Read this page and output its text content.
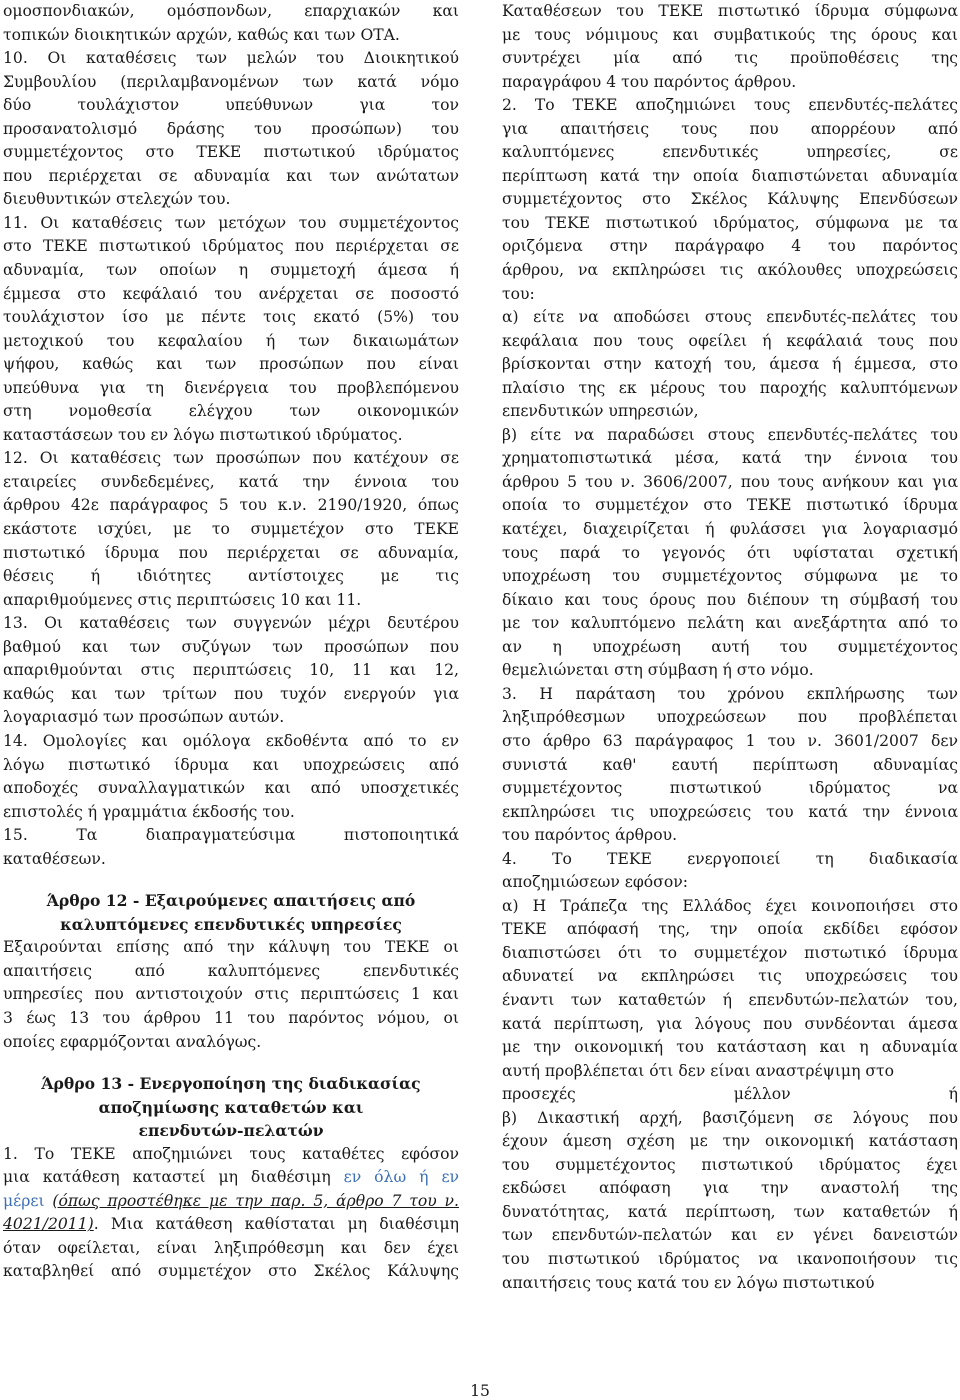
ομοσπονδιακών, ομόσπονδων, επαρχιακών και
τοπικών διοικητικών αρχών, καθώς και των ΟΤΑ.
10. Οι καταθέσεις των μελών του Διοικητικού
Συμβουλίου (περιλαμβανομένων των κατά νόμο
δύο τουλάχιστον υπεύθυνων για τον
προσανατολισμό δράσης του προσώπων) του
συμμετέχοντος στο ΤΕΚΕ πιστωτικού ιδρύματος
που περιέρχεται σε αδυναμία και των ανώτατων
διευθυντικών στελεχών του.
11. Οι καταθέσεις των μετόχων του συμμετέχοντος
στο ΤΕΚΕ πιστωτικού ιδρύματος που περιέρχεται σε
αδυναμία, των οποίων η συμμετοχή άμεσα ή
έμμεσα στο κεφάλαιό του ανέρχεται σε ποσοστό
τουλάχιστον ίσο με πέντε τοις εκατό (5%) του
μετοχικού του κεφαλαίου ή των δικαιωμάτων
ψήφου, καθώς και των προσώπων που είναι
υπεύθυνα για τη διενέργεια του προβλεπόμενου
στη νομοθεσία ελέγχου των οικονομικών
καταστάσεων του εν λόγω πιστωτικού ιδρύματος.
12. Οι καταθέσεις των προσώπων που κατέχουν σε
εταιρείες συνδεδεμένες, κατά την έννοια του
άρθρου 42ε παράγραφος 5 του κ.ν. 2190/1920, όπως
εκάστοτε ισχύει, με το συμμετέχον στο ΤΕΚΕ
πιστωτικό ίδρυμα που περιέρχεται σε αδυναμία,
θέσεις ή ιδιότητες αντίστοιχες με τις
απαριθμούμενες στις περιπτώσεις 10 και 11.
13. Οι καταθέσεις των συγγενών μέχρι δευτέρου
βαθμού και των συζύγων των προσώπων που
απαριθμούνται στις περιπτώσεις 10, 11 και 12,
καθώς και των τρίτων που τυχόν ενεργούν για
λογαριασμό των προσώπων αυτών.
14. Ομολογίες και ομόλογα εκδοθέντα από το εν
λόγω πιστωτικό ίδρυμα και υποχρεώσεις από
αποδοχές συναλλαγματικών και από υποσχετικές
επιστολές ή γραμμάτια έκδοσής του.
15. Τα διαπραγματεύσιμα πιστοποιητικά
καταθέσεων.
Άρθρο 12 - Εξαιρούμενες απαιτήσεις από
καλυπτόμενες επενδυτικές υπηρεσίες
Εξαιρούνται επίσης από την κάλυψη του ΤΕΚΕ οι
απαιτήσεις από καλυπτόμενες επενδυτικές
υπηρεσίες που αντιστοιχούν στις περιπτώσεις 1 και
3 έως 13 του άρθρου 11 του παρόντος νόμου, οι
οποίες εφαρμόζονται αναλόγως.
Άρθρο 13 - Ενεργοποίηση της διαδικασίας
αποζημίωσης καταθετών και
επενδυτών-πελατών
1. Το ΤΕΚΕ αποζημιώνει τους καταθέτες εφόσον
μια κατάθεση καταστεί μη διαθέσιμη εν όλω ή εν
μέρει (όπως προστέθηκε με την παρ. 5, άρθρο 7 του ν.
4021/2011). Μια κατάθεση καθίσταται μη διαθέσιμη
όταν οφείλεται, είναι ληξιπρόθεσμη και δεν έχει
καταβληθεί από συμμετέχον στο Σκέλος Κάλυψης
Καταθέσεων του ΤΕΚΕ πιστωτικό ίδρυμα σύμφωνα
με τους νόμιμους και συμβατικούς της όρους και
συντρέχει μία από τις προϋποθέσεις της
παραγράφου 4 του παρόντος άρθρου.
2. Το ΤΕΚΕ αποζημιώνει τους επενδυτές-πελάτες
για απαιτήσεις τους που απορρέουν από
καλυπτόμενες επενδυτικές υπηρεσίες, σε
περίπτωση κατά την οποία διαπιστώνεται αδυναμία
συμμετέχοντος στο Σκέλος Κάλυψης Επενδύσεων
του ΤΕΚΕ πιστωτικού ιδρύματος, σύμφωνα με τα
οριζόμενα στην παράγραφο 4 του παρόντος
άρθρου, να εκπληρώσει τις ακόλουθες υποχρεώσεις
του:
α) είτε να αποδώσει στους επενδυτές-πελάτες του
κεφάλαια που τους οφείλει ή κεφάλαιά τους που
βρίσκονται στην κατοχή του, άμεσα ή έμμεσα, στο
πλαίσιο της εκ μέρους του παροχής καλυπτόμενων
επενδυτικών υπηρεσιών,
β) είτε να παραδώσει στους επενδυτές-πελάτες του
χρηματοπιστωτικά μέσα, κατά την έννοια του
άρθρου 5 του ν. 3606/2007, που τους ανήκουν και για
οποία το συμμετέχον στο ΤΕΚΕ πιστωτικό ίδρυμα
κατέχει, διαχειρίζεται ή φυλάσσει για λογαριασμό
τους παρά το γεγονός ότι υφίσταται σχετική
υποχρέωση του συμμετέχοντος σύμφωνα με το
δίκαιο και τους όρους που διέπουν τη σύμβασή του
με τον καλυπτόμενο πελάτη και ανεξάρτητα από το
αν η υποχρέωση αυτή του συμμετέχοντος
θεμελιώνεται στη σύμβαση ή στο νόμο.
3. Η παράταση του χρόνου εκπλήρωσης των
ληξιπρόθεσμων υποχρεώσεων που προβλέπεται
στο άρθρο 63 παράγραφος 1 του ν. 3601/2007 δεν
συνιστά καθ' εαυτή περίπτωση αδυναμίας
συμμετέχοντος πιστωτικού ιδρύματος να
εκπληρώσει τις υποχρεώσεις του κατά την έννοια
του παρόντος άρθρου.
4. Το ΤΕΚΕ ενεργοποιεί τη διαδικασία
αποζημιώσεων εφόσον:
α) Η Τράπεζα της Ελλάδος έχει κοινοποιήσει στο
ΤΕΚΕ απόφασή της, την οποία εκδίδει εφόσον
διαπιστώσει ότι το συμμετέχον πιστωτικό ίδρυμα
αδυνατεί να εκπληρώσει τις υποχρεώσεις του
έναντι των καταθετών ή επενδυτών-πελατών του,
κατά περίπτωση, για λόγους που συνδέονται άμεσα
με την οικονομική του κατάσταση και η αδυναμία
αυτή προβλέπεται ότι δεν είναι αναστρέψιμη στο
προσεχές μέλλον ή
β) Δικαστική αρχή, βασιζόμενη σε λόγους που
έχουν άμεση σχέση με την οικονομική κατάσταση
του συμμετέχοντος πιστωτικού ιδρύματος έχει
εκδώσει απόφαση για την αναστολή της
δυνατότητας, κατά περίπτωση, των καταθετών ή
των επενδυτών-πελατών και εν γένει δανειστών
του πιστωτικού ιδρύματος να ικανοποιήσουν τις
απαιτήσεις τους κατά του εν λόγω πιστωτικού
15
